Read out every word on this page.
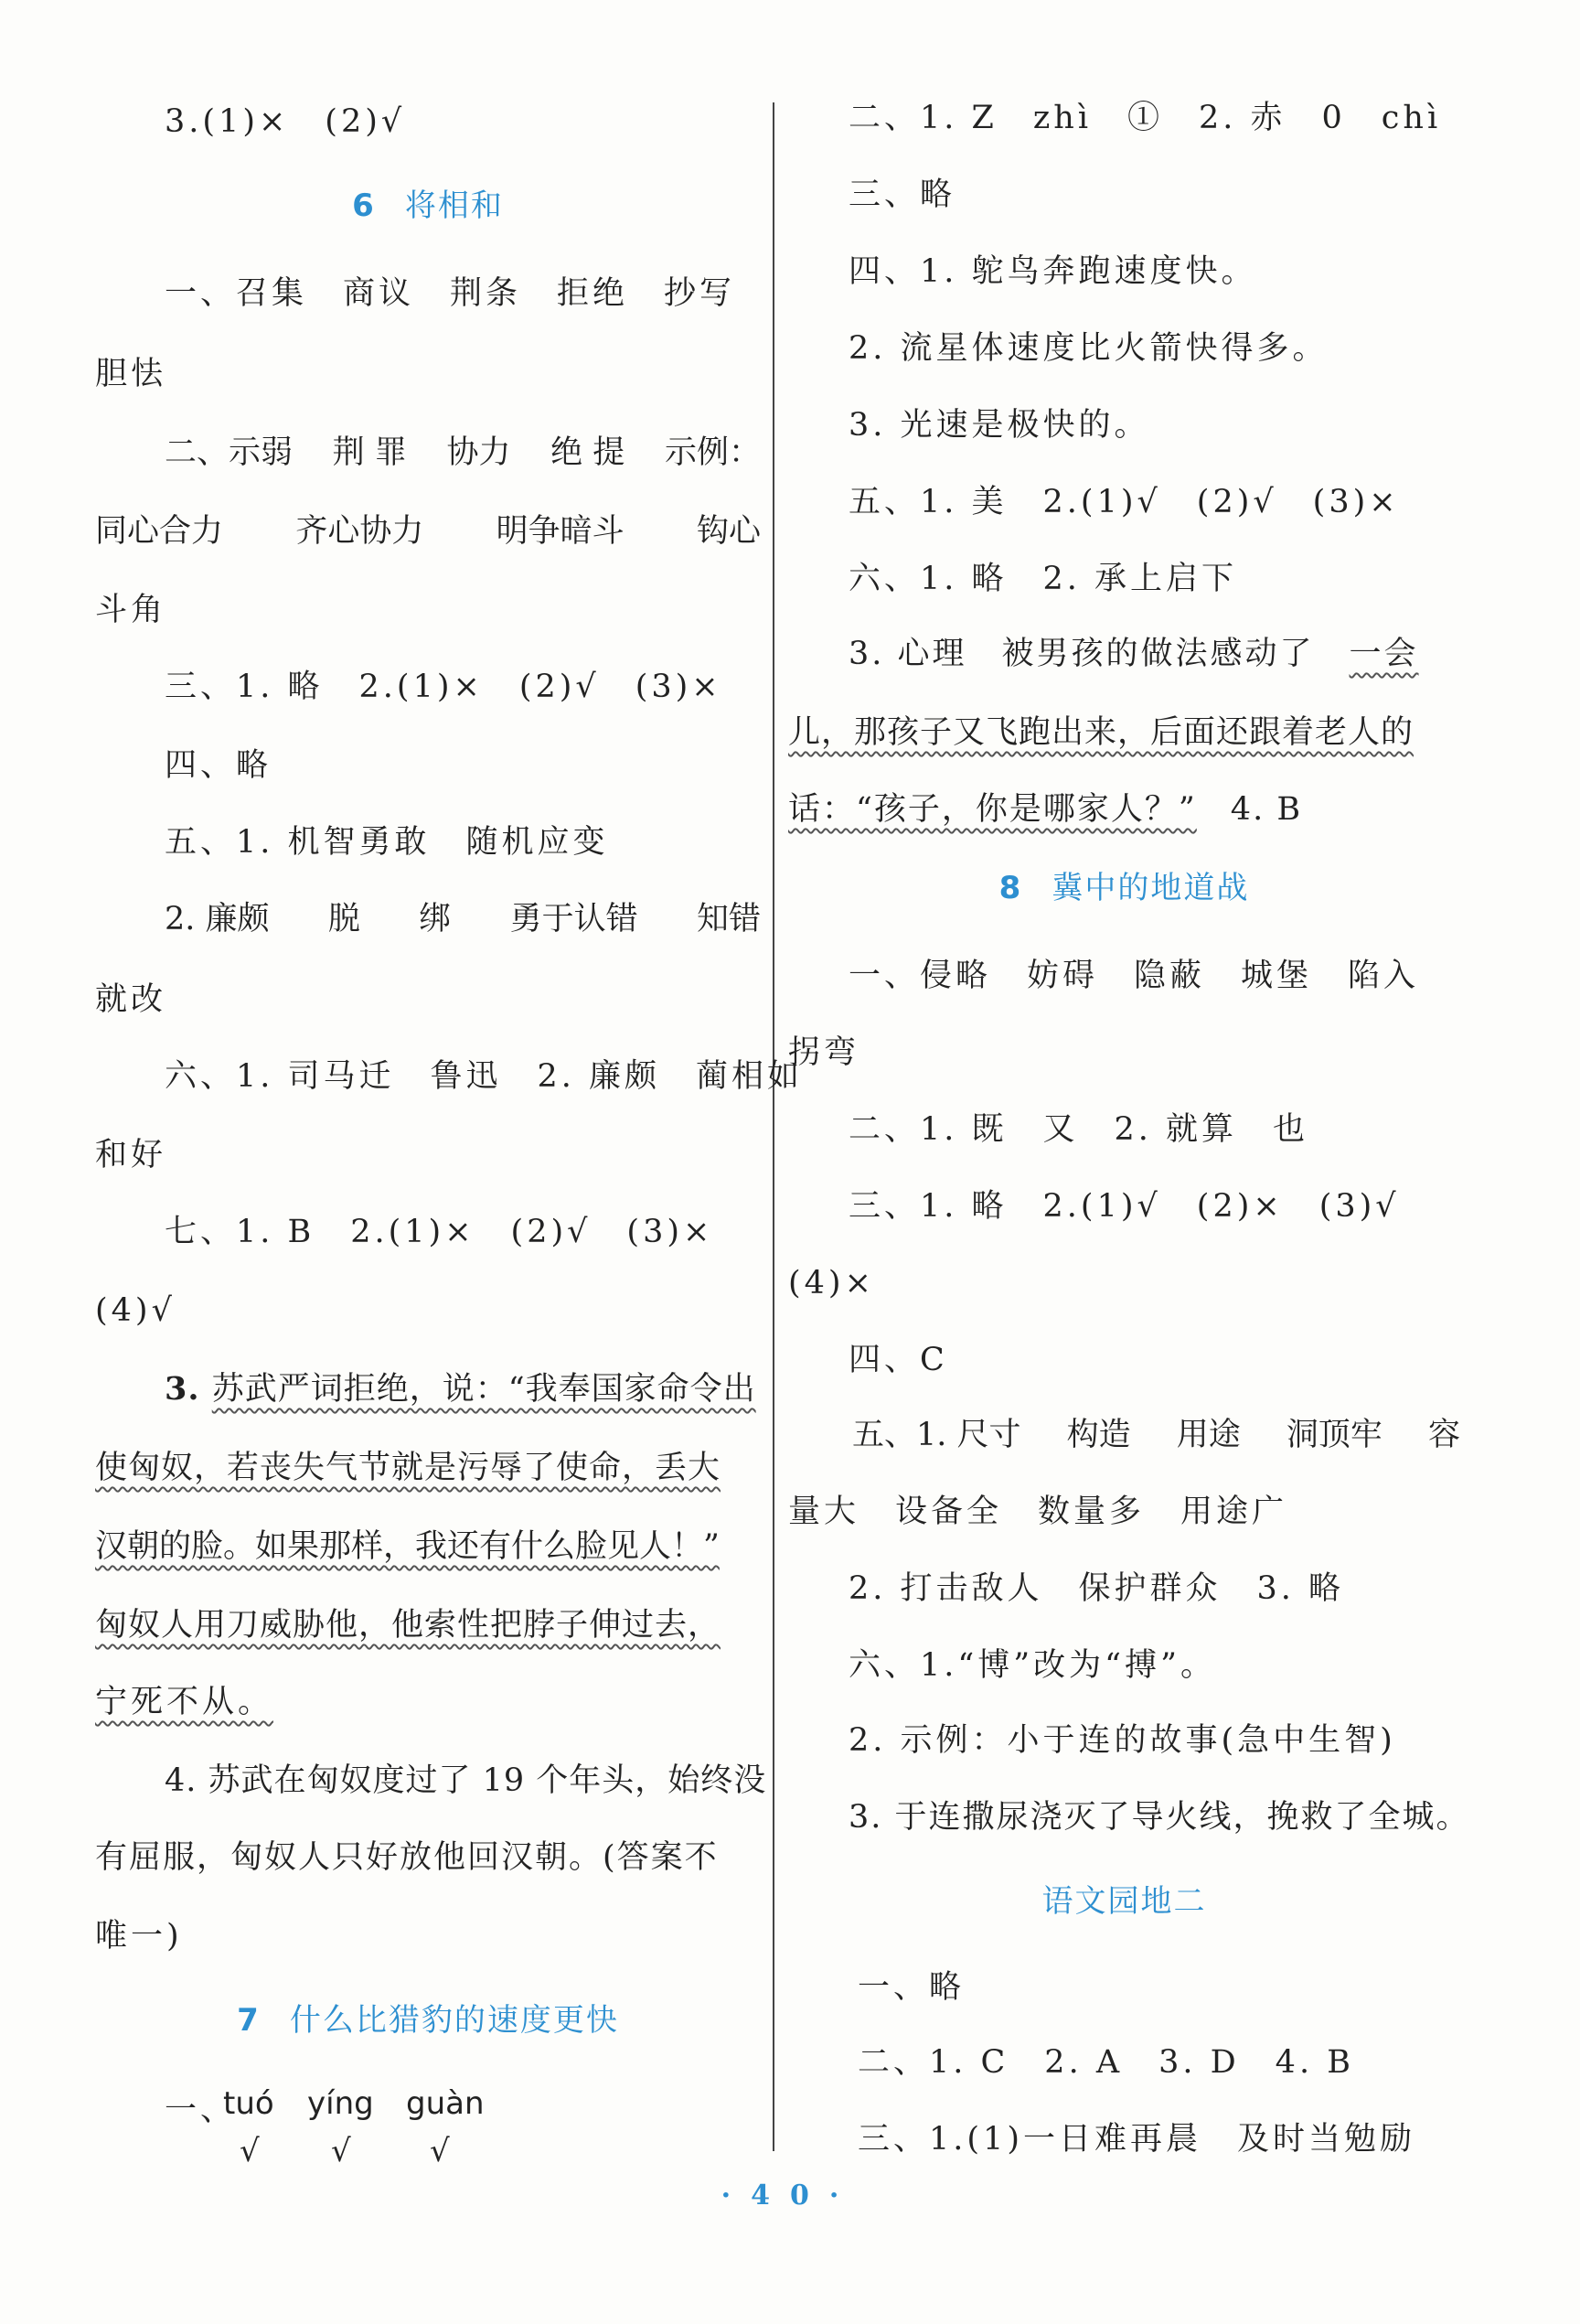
3.(1)×　(2)√
6 将相和
一、召集　商议　荆条　拒绝　抄写
胆怯
二、示弱 荆 罪 协力 绝 提 示例：
同心合力 齐心协力 明争暗斗 钩心
斗角
三、1. 略　2.(1)×　(2)√　(3)×
四、略
五、1. 机智勇敢　随机应变
2. 廉颇 脱 绑 勇于认错 知错
就改
六、1. 司马迁　鲁迅　2. 廉颇　蔺相如
和好
七、1. B　2.(1)×　(2)√　(3)×
(4)√
3. 苏武严词拒绝，说：“我奉国家命令出
使匈奴，若丧失气节就是污辱了使命，丢大
汉朝的脸。如果那样，我还有什么脸见人！”
匈奴人用刀威胁他，他索性把脖子伸过去，
宁死不从。
4. 苏武在匈奴度过了 19 个年头，始终没
有屈服，匈奴人只好放他回汉朝。(答案不
唯一)
7 什么比猎豹的速度更快
一、
tuó yíng guàn
√ √	√
二、1. Z　zhì　①　2. 赤　0　chì
三、略
四、1. 鸵鸟奔跑速度快。
2. 流星体速度比火箭快得多。
3. 光速是极快的。
五、1. 美　2.(1)√　(2)√　(3)×
六、1. 略　2. 承上启下
3. 心理　被男孩的做法感动了　一会
儿，那孩子又飞跑出来，后面还跟着老人的
话：“孩子，你是哪家人？”　4. B
8 冀中的地道战
一、侵略　妨碍　隐蔽　城堡　陷入
拐弯
二、1. 既　又　2. 就算　也
三、1. 略　2.(1)√　(2)×　(3)√
(4)×
四、C
五、1. 尺寸 构造 用途 洞顶牢 容
量大　设备全　数量多　用途广
2. 打击敌人　保护群众　3. 略
六、1.“博”改为“搏”。
2. 示例：小于连的故事(急中生智)
3. 于连撒尿浇灭了导火线，挽救了全城。
语文园地二
一、略
二、1. C　2. A　3. D　4. B
三、1.(1)一日难再晨　及时当勉励
·40·
